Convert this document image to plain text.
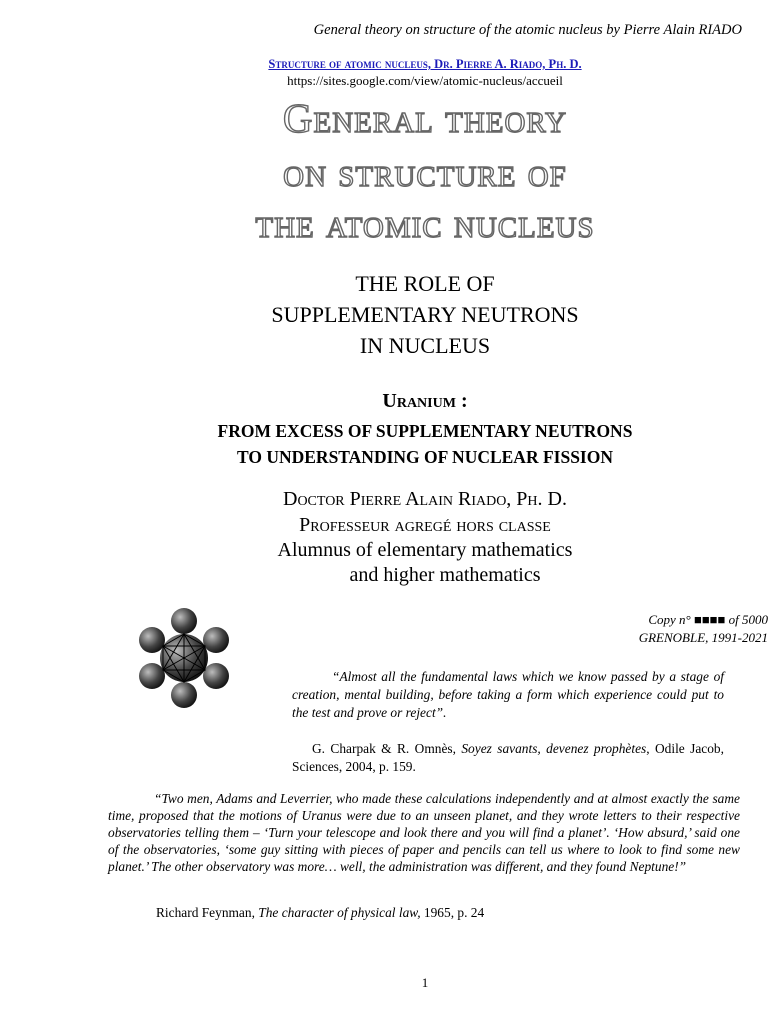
General theory on structure of the atomic nucleus by Pierre Alain RIADO
Structure of atomic nucleus, Dr. Pierre A. Riado, Ph. D.
https://sites.google.com/view/atomic-nucleus/accueil
General theory
on structure of
the atomic nucleus
THE ROLE OF
SUPPLEMENTARY NEUTRONS
IN NUCLEUS
Uranium :
FROM EXCESS OF SUPPLEMENTARY NEUTRONS
TO UNDERSTANDING OF NUCLEAR FISSION
Doctor Pierre Alain Riado, Ph. D.
Professeur agregé hors classe
Alumnus of elementary mathematics
and higher mathematics
Copy n° ■■■■ of 5000
GRENOBLE, 1991-2021
“Almost all the fundamental laws which we know passed by a stage of creation, mental building, before taking a form which experience could put to the test and prove or reject”.
G. Charpak & R. Omnès, Soyez savants, devenez prophètes, Odile Jacob, Sciences, 2004, p. 159.
“Two men, Adams and Leverrier, who made these calculations independently and at almost exactly the same time, proposed that the motions of Uranus were due to an unseen planet, and they wrote letters to their respective observatories telling them – ‘Turn your telescope and look there and you will find a planet’. ‘How absurd,’ said one of the observatories, ‘some guy sitting with pieces of paper and pencils can tell us where to look to find some new planet.’ The other observatory was more… well, the administration was different, and they found Neptune!”
Richard Feynman, The character of physical law, 1965, p. 24
1
